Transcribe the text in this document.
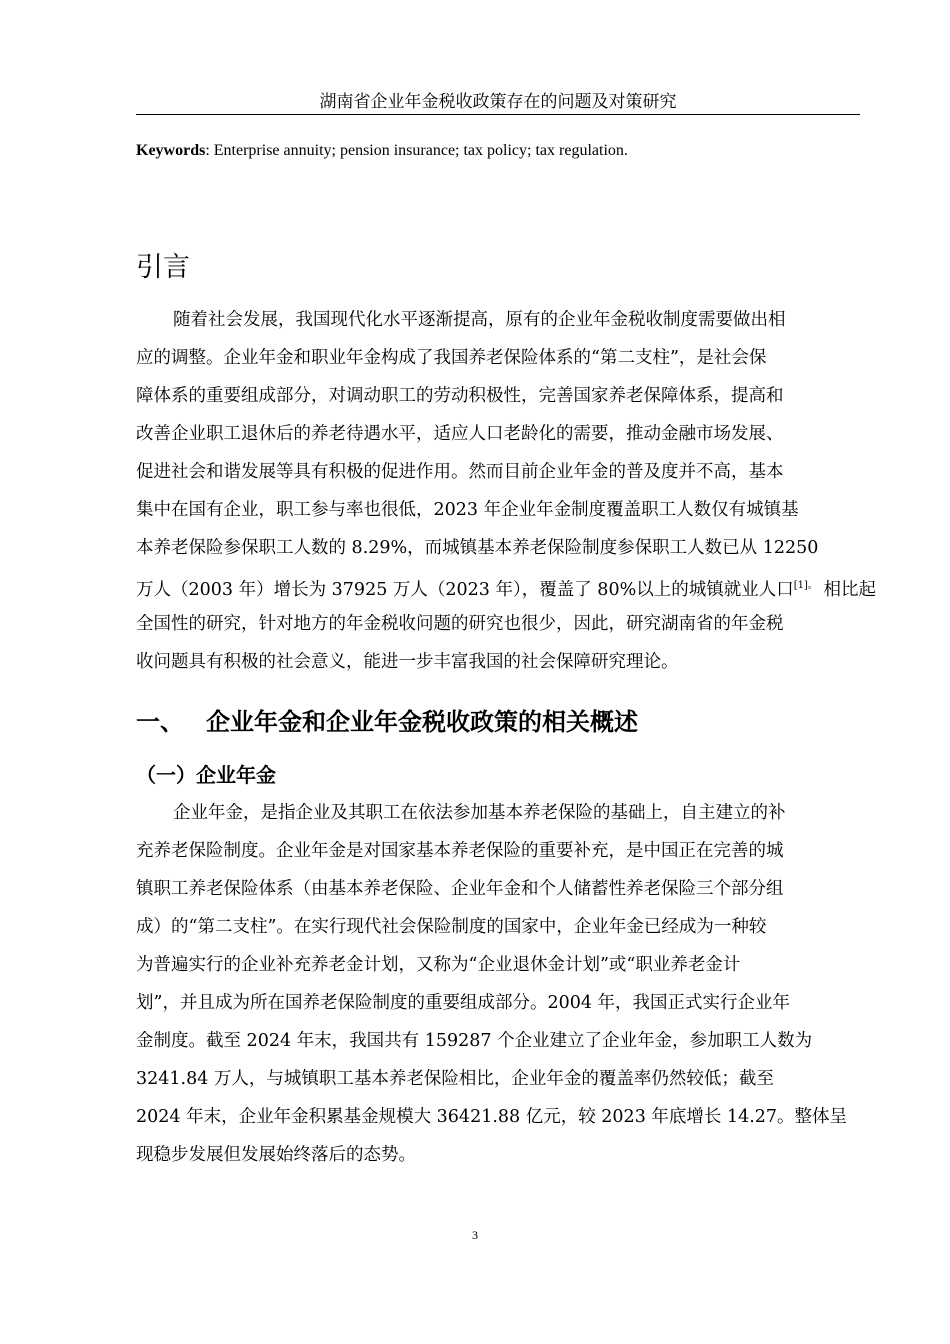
湖南省企业年金税收政策存在的问题及对策研究
Keywords: Enterprise annuity; pension insurance; tax policy; tax regulation.
引言
随着社会发展，我国现代化水平逐渐提高，原有的企业年金税收制度需要做出相
应的调整。企业年金和职业年金构成了我国养老保险体系的“第二支柱”，是社会保
障体系的重要组成部分，对调动职工的劳动积极性，完善国家养老保障体系，提高和
改善企业职工退休后的养老待遇水平，适应人口老龄化的需要，推动金融市场发展、
促进社会和谐发展等具有积极的促进作用。然而目前企业年金的普及度并不高，基本
集中在国有企业，职工参与率也很低，2023 年企业年金制度覆盖职工人数仅有城镇基
本养老保险参保职工人数的 8.29%，而城镇基本养老保险制度参保职工人数已从 12250
万人（2003 年）增长为 37925 万人（2023 年），覆盖了 80%以上的城镇就业人口$^{[1]。}$ 相比起
全国性的研究，针对地方的年金税收问题的研究也很少，因此，研究湖南省的年金税
收问题具有积极的社会意义，能进一步丰富我国的社会保障研究理论。
一、 企业年金和企业年金税收政策的相关概述
（一）企业年金
企业年金，是指企业及其职工在依法参加基本养老保险的基础上，自主建立的补
充养老保险制度。企业年金是对国家基本养老保险的重要补充，是中国正在完善的城
镇职工养老保险体系（由基本养老保险、企业年金和个人储蓄性养老保险三个部分组
成）的“第二支柱”。在实行现代社会保险制度的国家中，企业年金已经成为一种较
为普遍实行的企业补充养老金计划，又称为“企业退休金计划”或“职业养老金计
划”，并且成为所在国养老保险制度的重要组成部分。2004 年，我国正式实行企业年
金制度。截至 2024 年末，我国共有 159287 个企业建立了企业年金，参加职工人数为
3241.84 万人，与城镇职工基本养老保险相比，企业年金的覆盖率仍然较低；截至
2024 年末，企业年金积累基金规模大 36421.88 亿元，较 2023 年底增长 14.27。整体呈
现稳步发展但发展始终落后的态势。
3
